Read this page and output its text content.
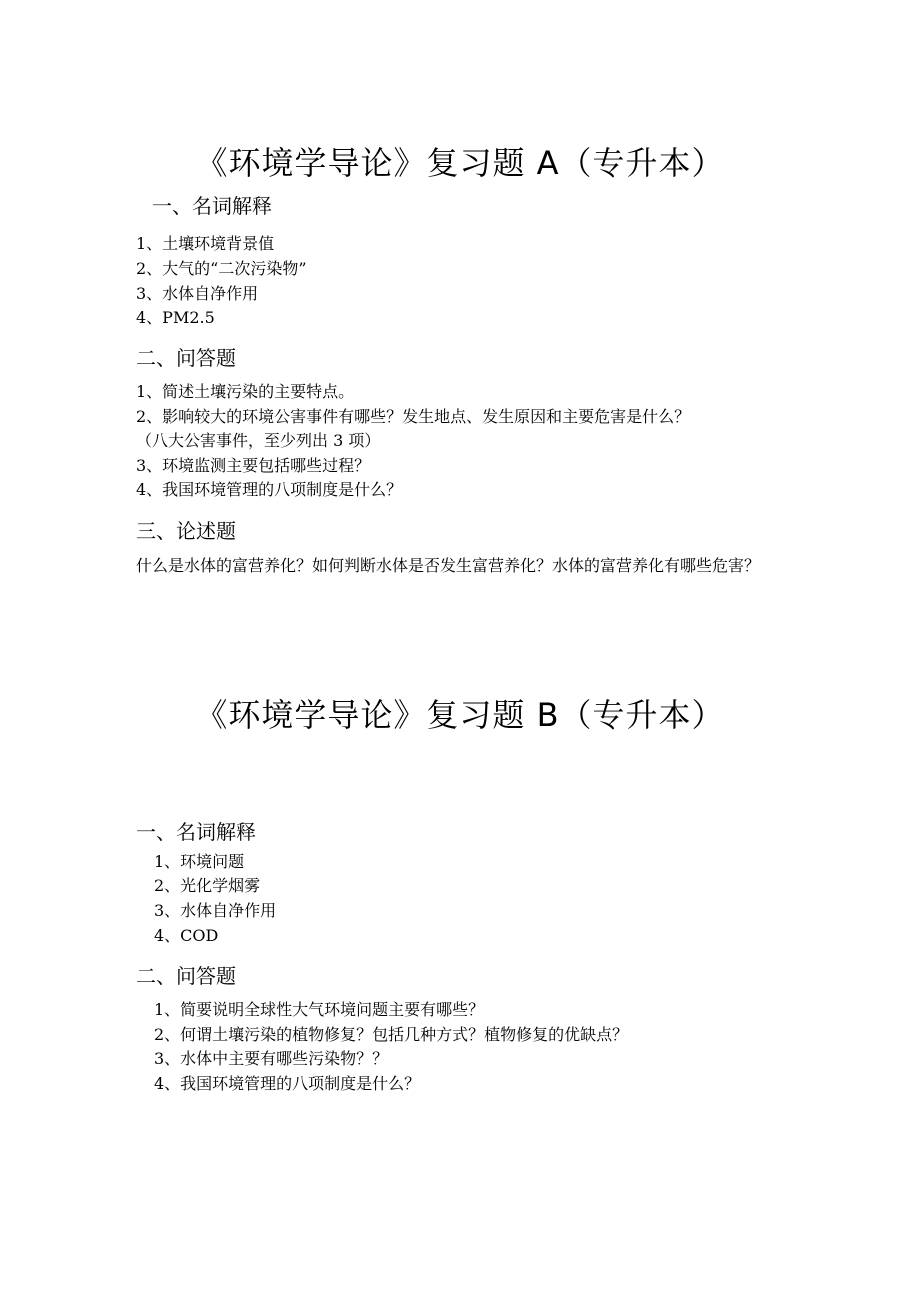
《环境学导论》复习题 A（专升本）
一、名词解释
1、土壤环境背景值
2、大气的“二次污染物”
3、水体自净作用
4、PM2.5
二、问答题
1、简述土壤污染的主要特点。
2、影响较大的环境公害事件有哪些？发生地点、发生原因和主要危害是什么？
（八大公害事件，至少列出 3 项）
3、环境监测主要包括哪些过程？
4、我国环境管理的八项制度是什么？
三、论述题
什么是水体的富营养化？如何判断水体是否发生富营养化？水体的富营养化有哪些危害？
《环境学导论》复习题 B（专升本）
一、名词解释
1、环境问题
2、光化学烟雾
3、水体自净作用
4、COD
二、问答题
1、简要说明全球性大气环境问题主要有哪些？
2、何谓土壤污染的植物修复？包括几种方式？植物修复的优缺点？
3、水体中主要有哪些污染物？？
4、我国环境管理的八项制度是什么？
